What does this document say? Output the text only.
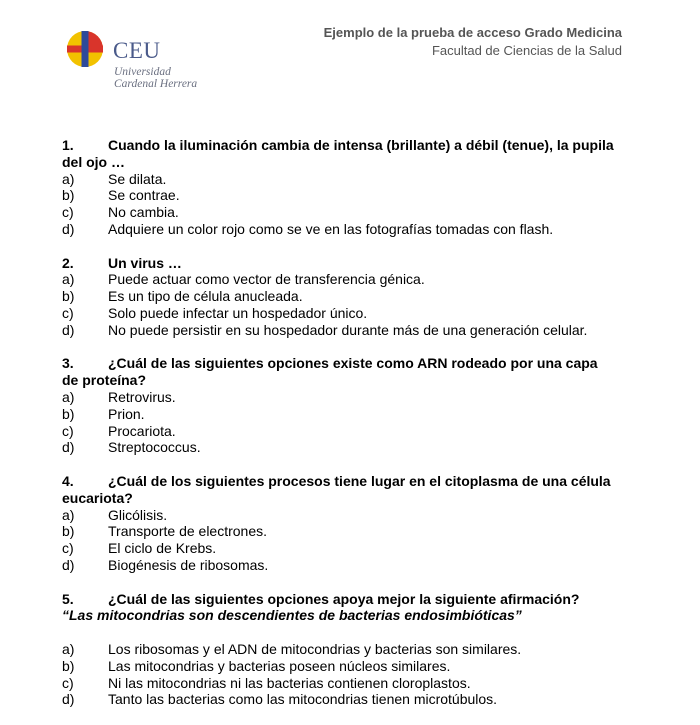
CEU
Universidad
Cardenal Herrera
Ejemplo de la prueba de acceso Grado Medicina
Facultad de Ciencias de la Salud
1. Cuando la iluminación cambia de intensa (brillante) a débil (tenue), la pupila
del ojo …
a)	Se dilata.
b)	Se contrae.
c)	No cambia.
d)	Adquiere un color rojo como se ve en las fotografías tomadas con flash.
2. Un virus …
a)	Puede actuar como vector de transferencia génica.
b)	Es un tipo de célula anucleada.
c)	Solo puede infectar un hospedador único.
d)	No puede persistir en su hospedador durante más de una generación celular.
3. ¿Cuál de las siguientes opciones existe como ARN rodeado por una capa
de proteína?
a)	Retrovirus.
b)	Prion.
c)	Procariota.
d)	Streptococcus.
4. ¿Cuál de los siguientes procesos tiene lugar en el citoplasma de una célula
eucariota?
a)	Glicólisis.
b)	Transporte de electrones.
c)	El ciclo de Krebs.
d)	Biogénesis de ribosomas.
5. ¿Cuál de las siguientes opciones apoya mejor la siguiente afirmación?
“Las mitocondrias son descendientes de bacterias endosimbióticas”
a)	Los ribosomas y el ADN de mitocondrias y bacterias son similares.
b)	Las mitocondrias y bacterias poseen núcleos similares.
c)	Ni las mitocondrias ni las bacterias contienen cloroplastos.
d)	Tanto las bacterias como las mitocondrias tienen microtúbulos.
